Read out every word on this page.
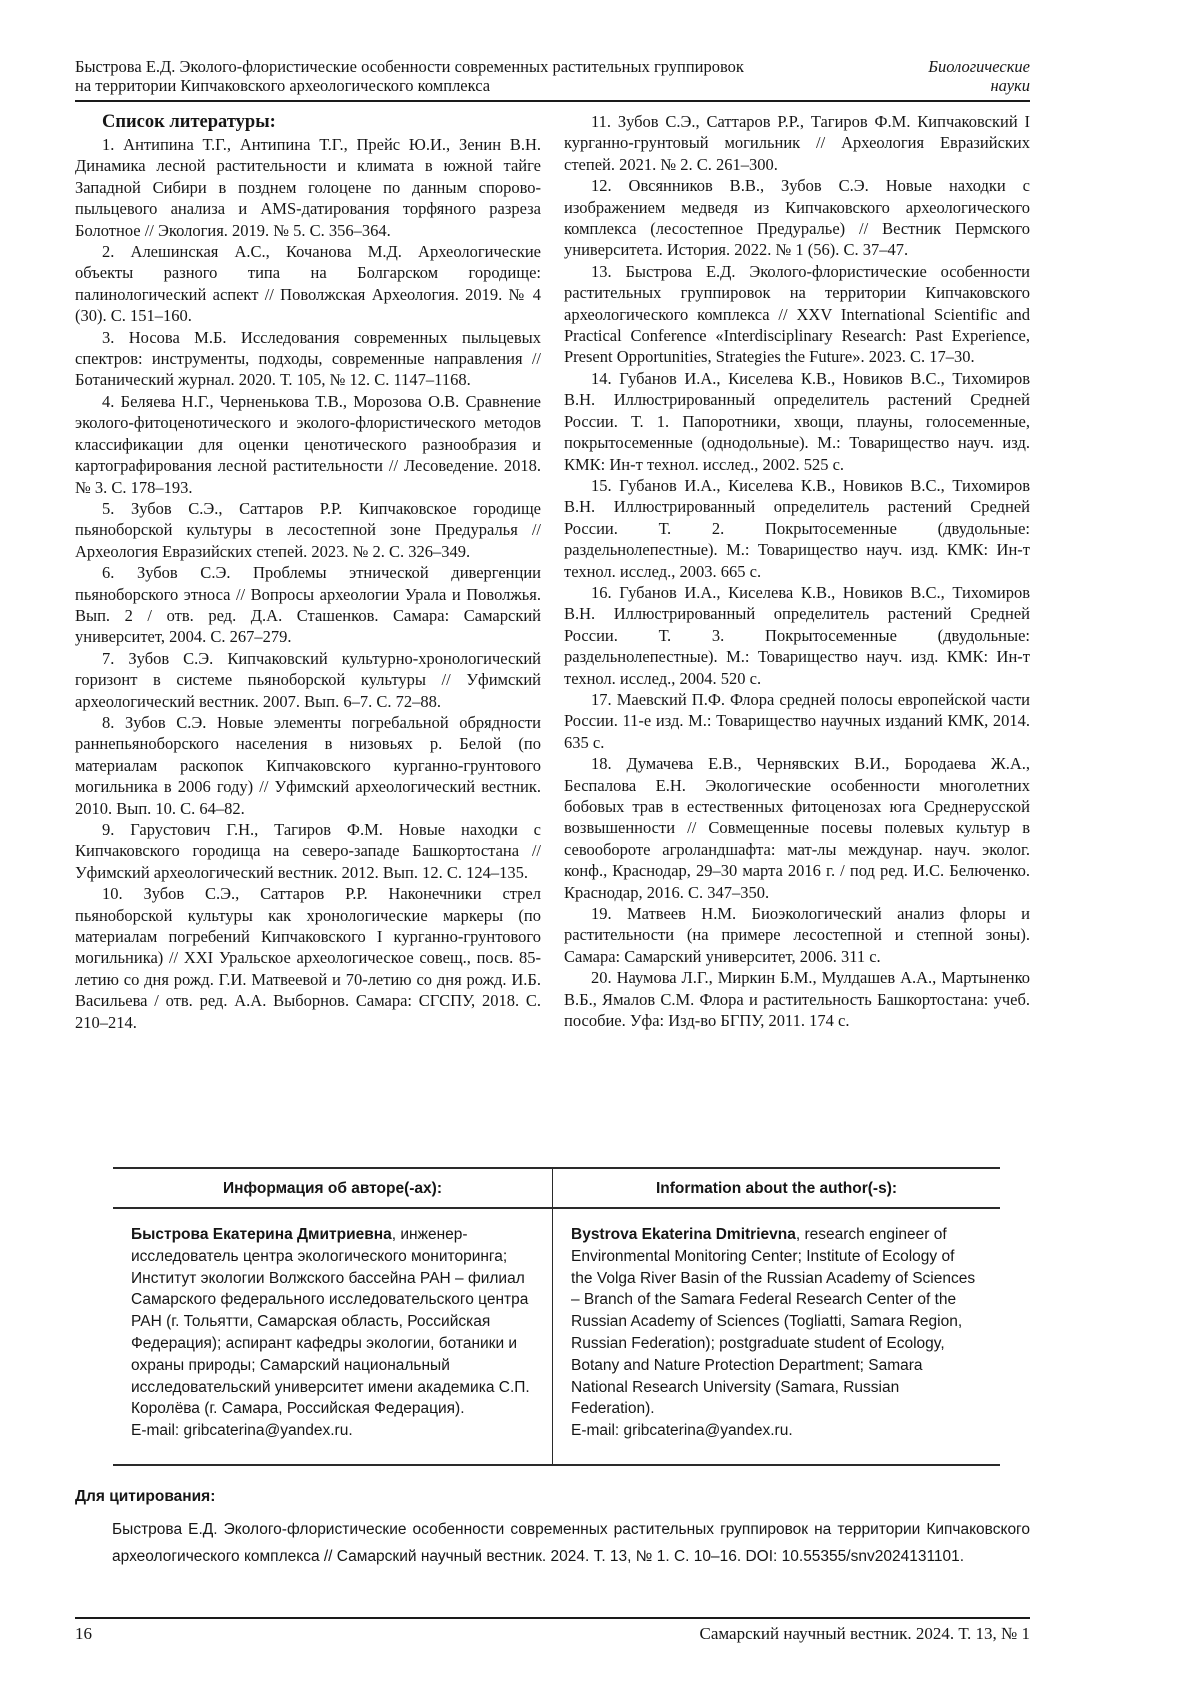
Быстрова Е.Д. Эколого-флористические особенности современных растительных группировок
на территории Кипчаковского археологического комплекса
Биологические
науки
Список литературы:

1. Антипина Т.Г., Антипина Т.Г., Прейс Ю.И., Зенин В.Н. Динамика лесной растительности и климата в южной тайге Западной Сибири в позднем голоцене по данным спорово-пыльцевого анализа и AMS-датирования торфяного разреза Болотное // Экология. 2019. № 5. С. 356–364.

2. Алешинская А.С., Кочанова М.Д. Археологические объекты разного типа на Болгарском городище: палинологический аспект // Поволжская Археология. 2019. № 4 (30). С. 151–160.

3. Носова М.Б. Исследования современных пыльцевых спектров: инструменты, подходы, современные направления // Ботанический журнал. 2020. Т. 105, № 12. С. 1147–1168.

4. Беляева Н.Г., Черненькова Т.В., Морозова О.В. Сравнение эколого-фитоценотического и эколого-флористического методов классификации для оценки ценотического разнообразия и картографирования лесной растительности // Лесоведение. 2018. № 3. С. 178–193.

5. Зубов С.Э., Саттаров Р.Р. Кипчаковское городище пьяноборской культуры в лесостепной зоне Предуралья // Археология Евразийских степей. 2023. № 2. С. 326–349.

6. Зубов С.Э. Проблемы этнической дивергенции пьяноборского этноса // Вопросы археологии Урала и Поволжья. Вып. 2 / отв. ред. Д.А. Сташенков. Самара: Самарский университет, 2004. С. 267–279.

7. Зубов С.Э. Кипчаковский культурно-хронологический горизонт в системе пьяноборской культуры // Уфимский археологический вестник. 2007. Вып. 6–7. С. 72–88.

8. Зубов С.Э. Новые элементы погребальной обрядности раннепьяноборского населения в низовьях р. Белой (по материалам раскопок Кипчаковского курганно-грунтового могильника в 2006 году) // Уфимский археологический вестник. 2010. Вып. 10. С. 64–82.

9. Гарустович Г.Н., Тагиров Ф.М. Новые находки с Кипчаковского городища на северо-западе Башкортостана // Уфимский археологический вестник. 2012. Вып. 12. С. 124–135.

10. Зубов С.Э., Саттаров Р.Р. Наконечники стрел пьяноборской культуры как хронологические маркеры (по материалам погребений Кипчаковского I курганно-грунтового могильника) // XXI Уральское археологическое совещ., посв. 85-летию со дня рожд. Г.И. Матвеевой и 70-летию со дня рожд. И.Б. Васильева / отв. ред. А.А. Выборнов. Самара: СГСПУ, 2018. С. 210–214.

11. Зубов С.Э., Саттаров Р.Р., Тагиров Ф.М. Кипчаковский I курганно-грунтовый могильник // Археология Евразийских степей. 2021. № 2. С. 261–300.

12. Овсянников В.В., Зубов С.Э. Новые находки с изображением медведя из Кипчаковского археологического комплекса (лесостепное Предуралье) // Вестник Пермского университета. История. 2022. № 1 (56). С. 37–47.

13. Быстрова Е.Д. Эколого-флористические особенности растительных группировок на территории Кипчаковского археологического комплекса // XXV International Scientific and Practical Conference «Interdisciplinary Research: Past Experience, Present Opportunities, Strategies the Future». 2023. С. 17–30.

14. Губанов И.А., Киселева К.В., Новиков В.С., Тихомиров В.Н. Иллюстрированный определитель растений Средней России. Т. 1. Папоротники, хвощи, плауны, голосеменные, покрытосеменные (однодольные). М.: Товарищество науч. изд. КМК: Ин-т технол. исслед., 2002. 525 с.

15. Губанов И.А., Киселева К.В., Новиков В.С., Тихомиров В.Н. Иллюстрированный определитель растений Средней России. Т. 2. Покрытосеменные (двудольные: раздельнолепестные). М.: Товарищество науч. изд. КМК: Ин-т технол. исслед., 2003. 665 с.

16. Губанов И.А., Киселева К.В., Новиков В.С., Тихомиров В.Н. Иллюстрированный определитель растений Средней России. Т. 3. Покрытосеменные (двудольные: раздельнолепестные). М.: Товарищество науч. изд. КМК: Ин-т технол. исслед., 2004. 520 с.

17. Маевский П.Ф. Флора средней полосы европейской части России. 11-е изд. М.: Товарищество научных изданий КМК, 2014. 635 с.

18. Думачева Е.В., Чернявских В.И., Бородаева Ж.А., Беспалова Е.Н. Экологические особенности многолетних бобовых трав в естественных фитоценозах юга Среднерусской возвышенности // Совмещенные посевы полевых культур в севообороте агроландшафта: мат-лы междунар. науч. эколог. конф., Краснодар, 29–30 марта 2016 г. / под ред. И.С. Белюченко. Краснодар, 2016. С. 347–350.

19. Матвеев Н.М. Биоэкологический анализ флоры и растительности (на примере лесостепной и степной зоны). Самара: Самарский университет, 2006. 311 с.

20. Наумова Л.Г., Миркин Б.М., Мулдашев А.А., Мартыненко В.Б., Ямалов С.М. Флора и растительность Башкортостана: учеб. пособие. Уфа: Изд-во БГПУ, 2011. 174 с.

Информация об авторе(-ах):	Information about the author(-s):
Быстрова Екатерина Дмитриевна, инженер-исследователь центра экологического мониторинга; Институт экологии Волжского бассейна РАН – филиал Самарского федерального исследовательского центра РАН (г. Тольятти, Самарская область, Российская Федерация); аспирант кафедры экологии, ботаники и охраны природы; Самарский национальный исследовательский университет имени академика С.П. Королёва (г. Самара, Российская Федерация).
E-mail: gribcaterina@yandex.ru.
Bystrova Ekaterina Dmitrievna, research engineer of Environmental Monitoring Center; Institute of Ecology of the Volga River Basin of the Russian Academy of Sciences – Branch of the Samara Federal Research Center of the Russian Academy of Sciences (Togliatti, Samara Region, Russian Federation); postgraduate student of Ecology, Botany and Nature Protection Department; Samara National Research University (Samara, Russian Federation).
E-mail: gribcaterina@yandex.ru.
Для цитирования:

Быстрова Е.Д. Эколого-флористические особенности современных растительных группировок на территории Кипчаковского археологического комплекса // Самарский научный вестник. 2024. Т. 13, № 1. С. 10–16. DOI: 10.55355/snv2024131101.

16	Самарский научный вестник. 2024. Т. 13, № 1
